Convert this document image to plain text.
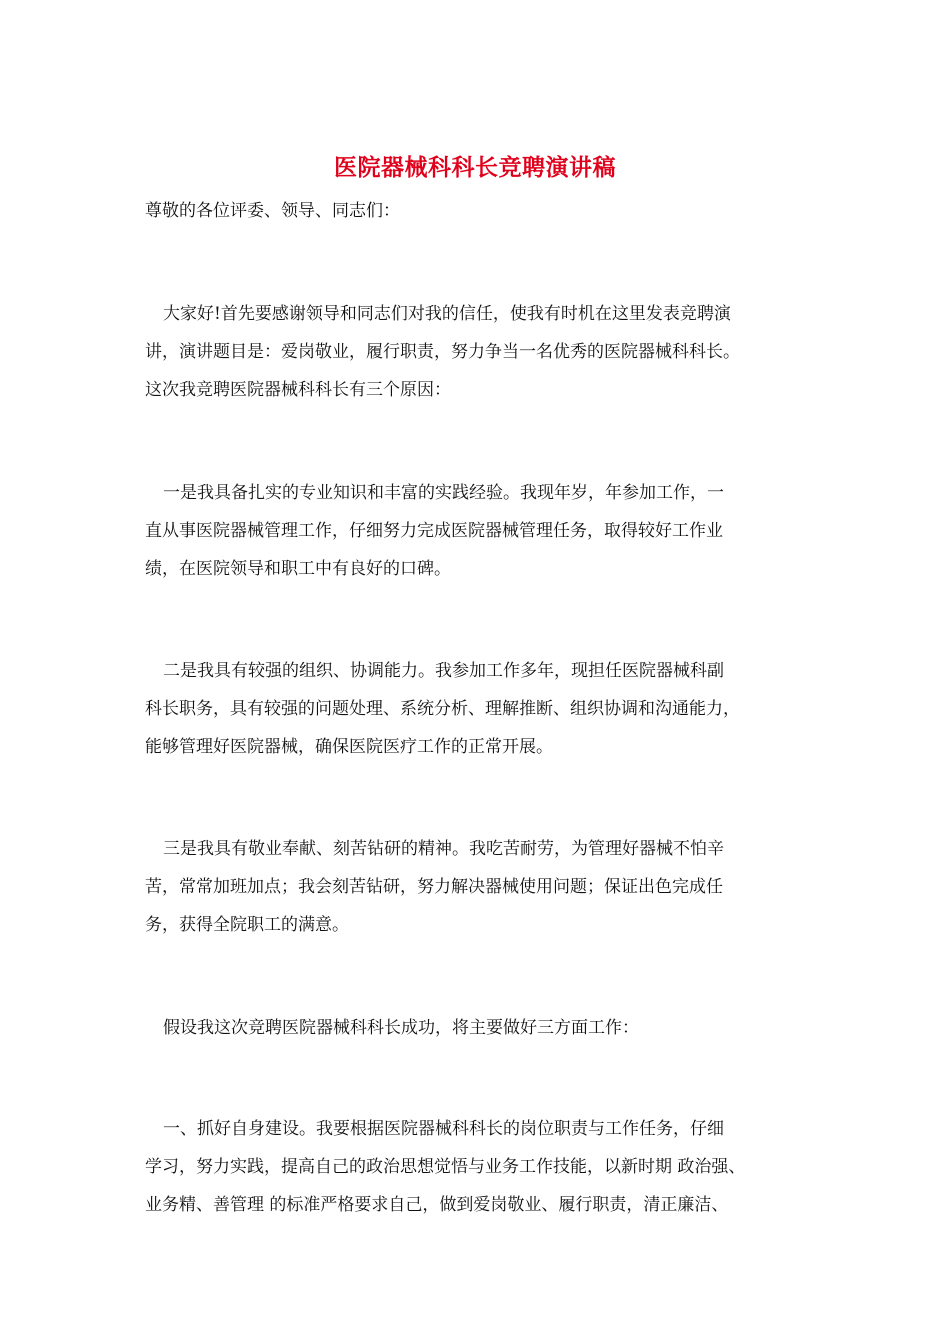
医院器械科科长竞聘演讲稿
尊敬的各位评委、领导、同志们：
大家好!首先要感谢领导和同志们对我的信任，使我有时机在这里发表竞聘演
讲，演讲题目是：爱岗敬业，履行职责，努力争当一名优秀的医院器械科科长。
这次我竞聘医院器械科科长有三个原因：
一是我具备扎实的专业知识和丰富的实践经验。我现年岁，年参加工作，一
直从事医院器械管理工作，仔细努力完成医院器械管理任务，取得较好工作业
绩，在医院领导和职工中有良好的口碑。
二是我具有较强的组织、协调能力。我参加工作多年，现担任医院器械科副
科长职务，具有较强的问题处理、系统分析、理解推断、组织协调和沟通能力，
能够管理好医院器械，确保医院医疗工作的正常开展。
三是我具有敬业奉献、刻苦钻研的精神。我吃苦耐劳，为管理好器械不怕辛
苦，常常加班加点；我会刻苦钻研，努力解决器械使用问题；保证出色完成任
务，获得全院职工的满意。
假设我这次竞聘医院器械科科长成功，将主要做好三方面工作：
一、抓好自身建设。我要根据医院器械科科长的岗位职责与工作任务，仔细
学习，努力实践，提高自己的政治思想觉悟与业务工作技能，以新时期 政治强、
业务精、善管理 的标准严格要求自己，做到爱岗敬业、履行职责，清正廉洁、
